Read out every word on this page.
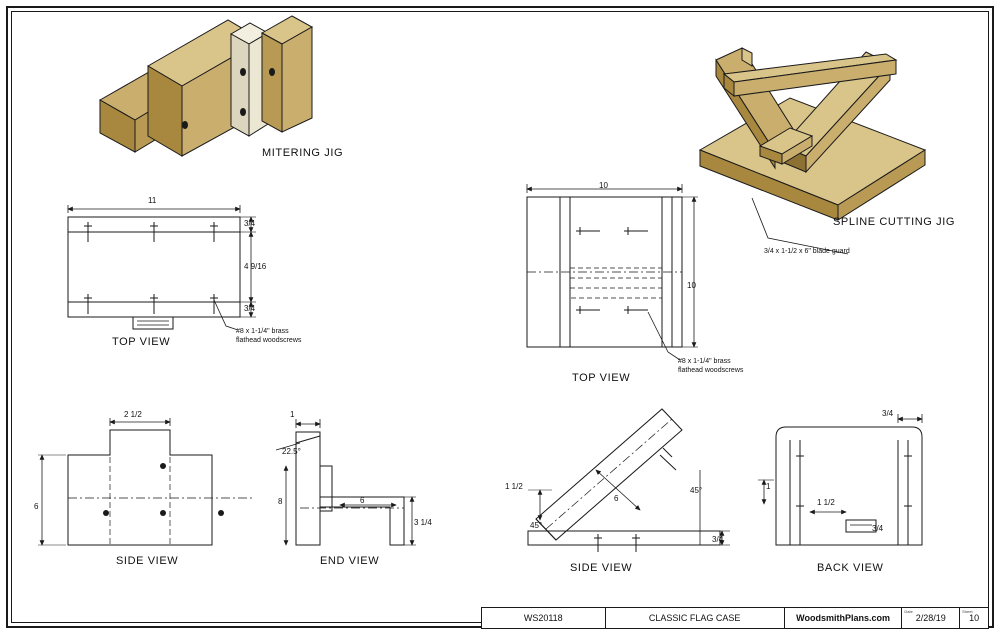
MITERING JIG
SPLINE CUTTING JIG
TOP VIEW
TOP VIEW
SIDE VIEW	END VIEW
SIDE VIEW	BACK VIEW
#8 x 1-1/4" brass
flathead woodscrews
#8 x 1-1/4" brass
flathead woodscrews
3/4 x 1-1/2 x 6" blade guard
11
3/4
4 9/16
3/4
2 1/2
6
1
22.5°
8	6
3 1/4
10
10
1 1/2
45°
6
45°
3/4
3/4
1
1 1/2
3/4
WS20118	CLASSIC FLAG CASE	WoodsmithPlans.com
Date
2/28/19
Sheet
10
